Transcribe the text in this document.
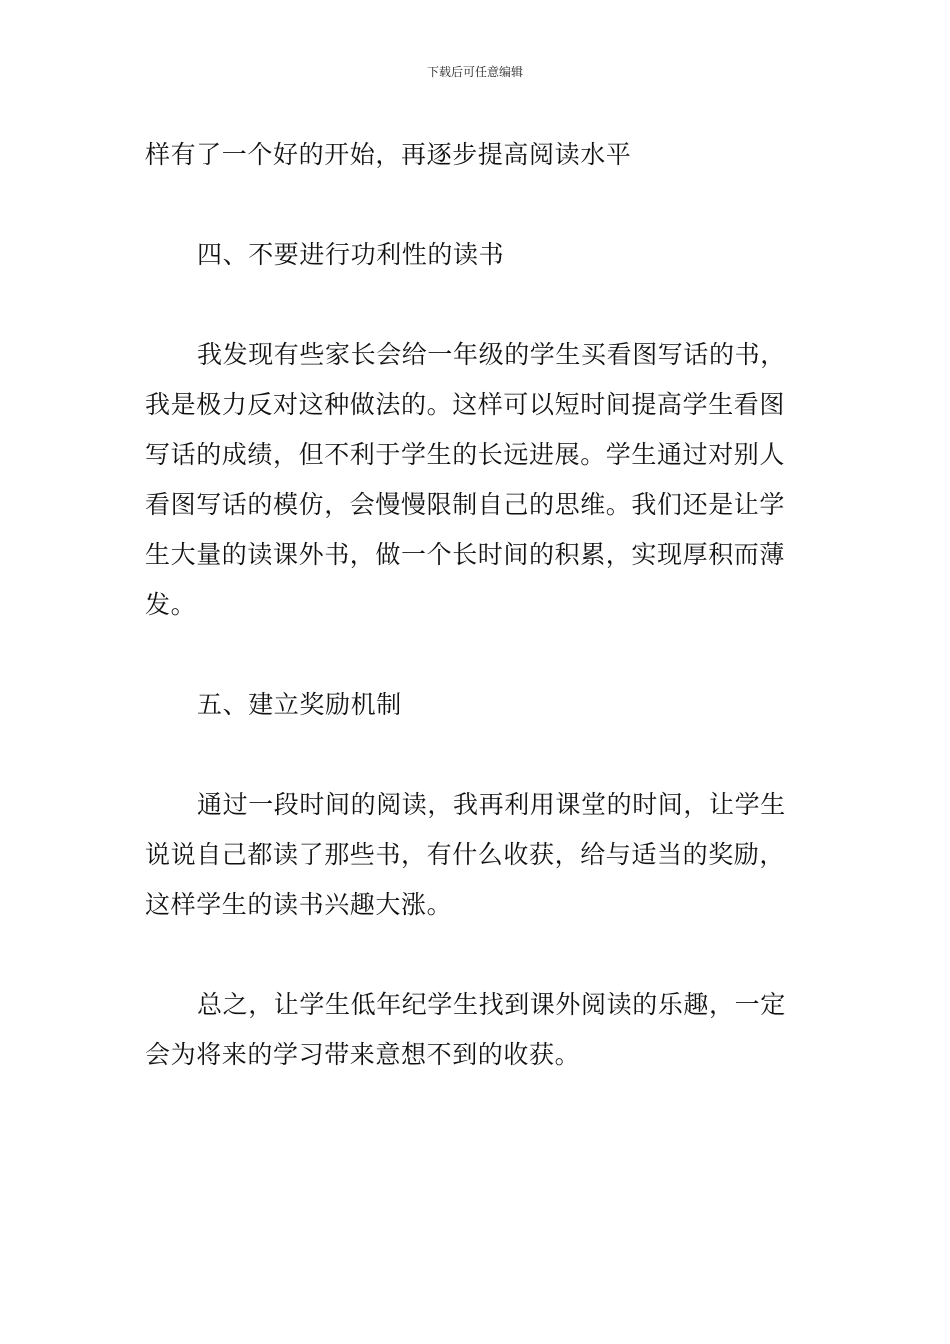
下载后可任意编辑
样有了一个好的开始，再逐步提高阅读水平
四、不要进行功利性的读书
我发现有些家长会给一年级的学生买看图写话的书，
我是极力反对这种做法的。这样可以短时间提高学生看图
写话的成绩，但不利于学生的长远进展。学生通过对别人
看图写话的模仿，会慢慢限制自己的思维。我们还是让学
生大量的读课外书，做一个长时间的积累，实现厚积而薄
发。
五、建立奖励机制
通过一段时间的阅读，我再利用课堂的时间，让学生
说说自己都读了那些书，有什么收获，给与适当的奖励，
这样学生的读书兴趣大涨。
总之，让学生低年纪学生找到课外阅读的乐趣，一定
会为将来的学习带来意想不到的收获。
